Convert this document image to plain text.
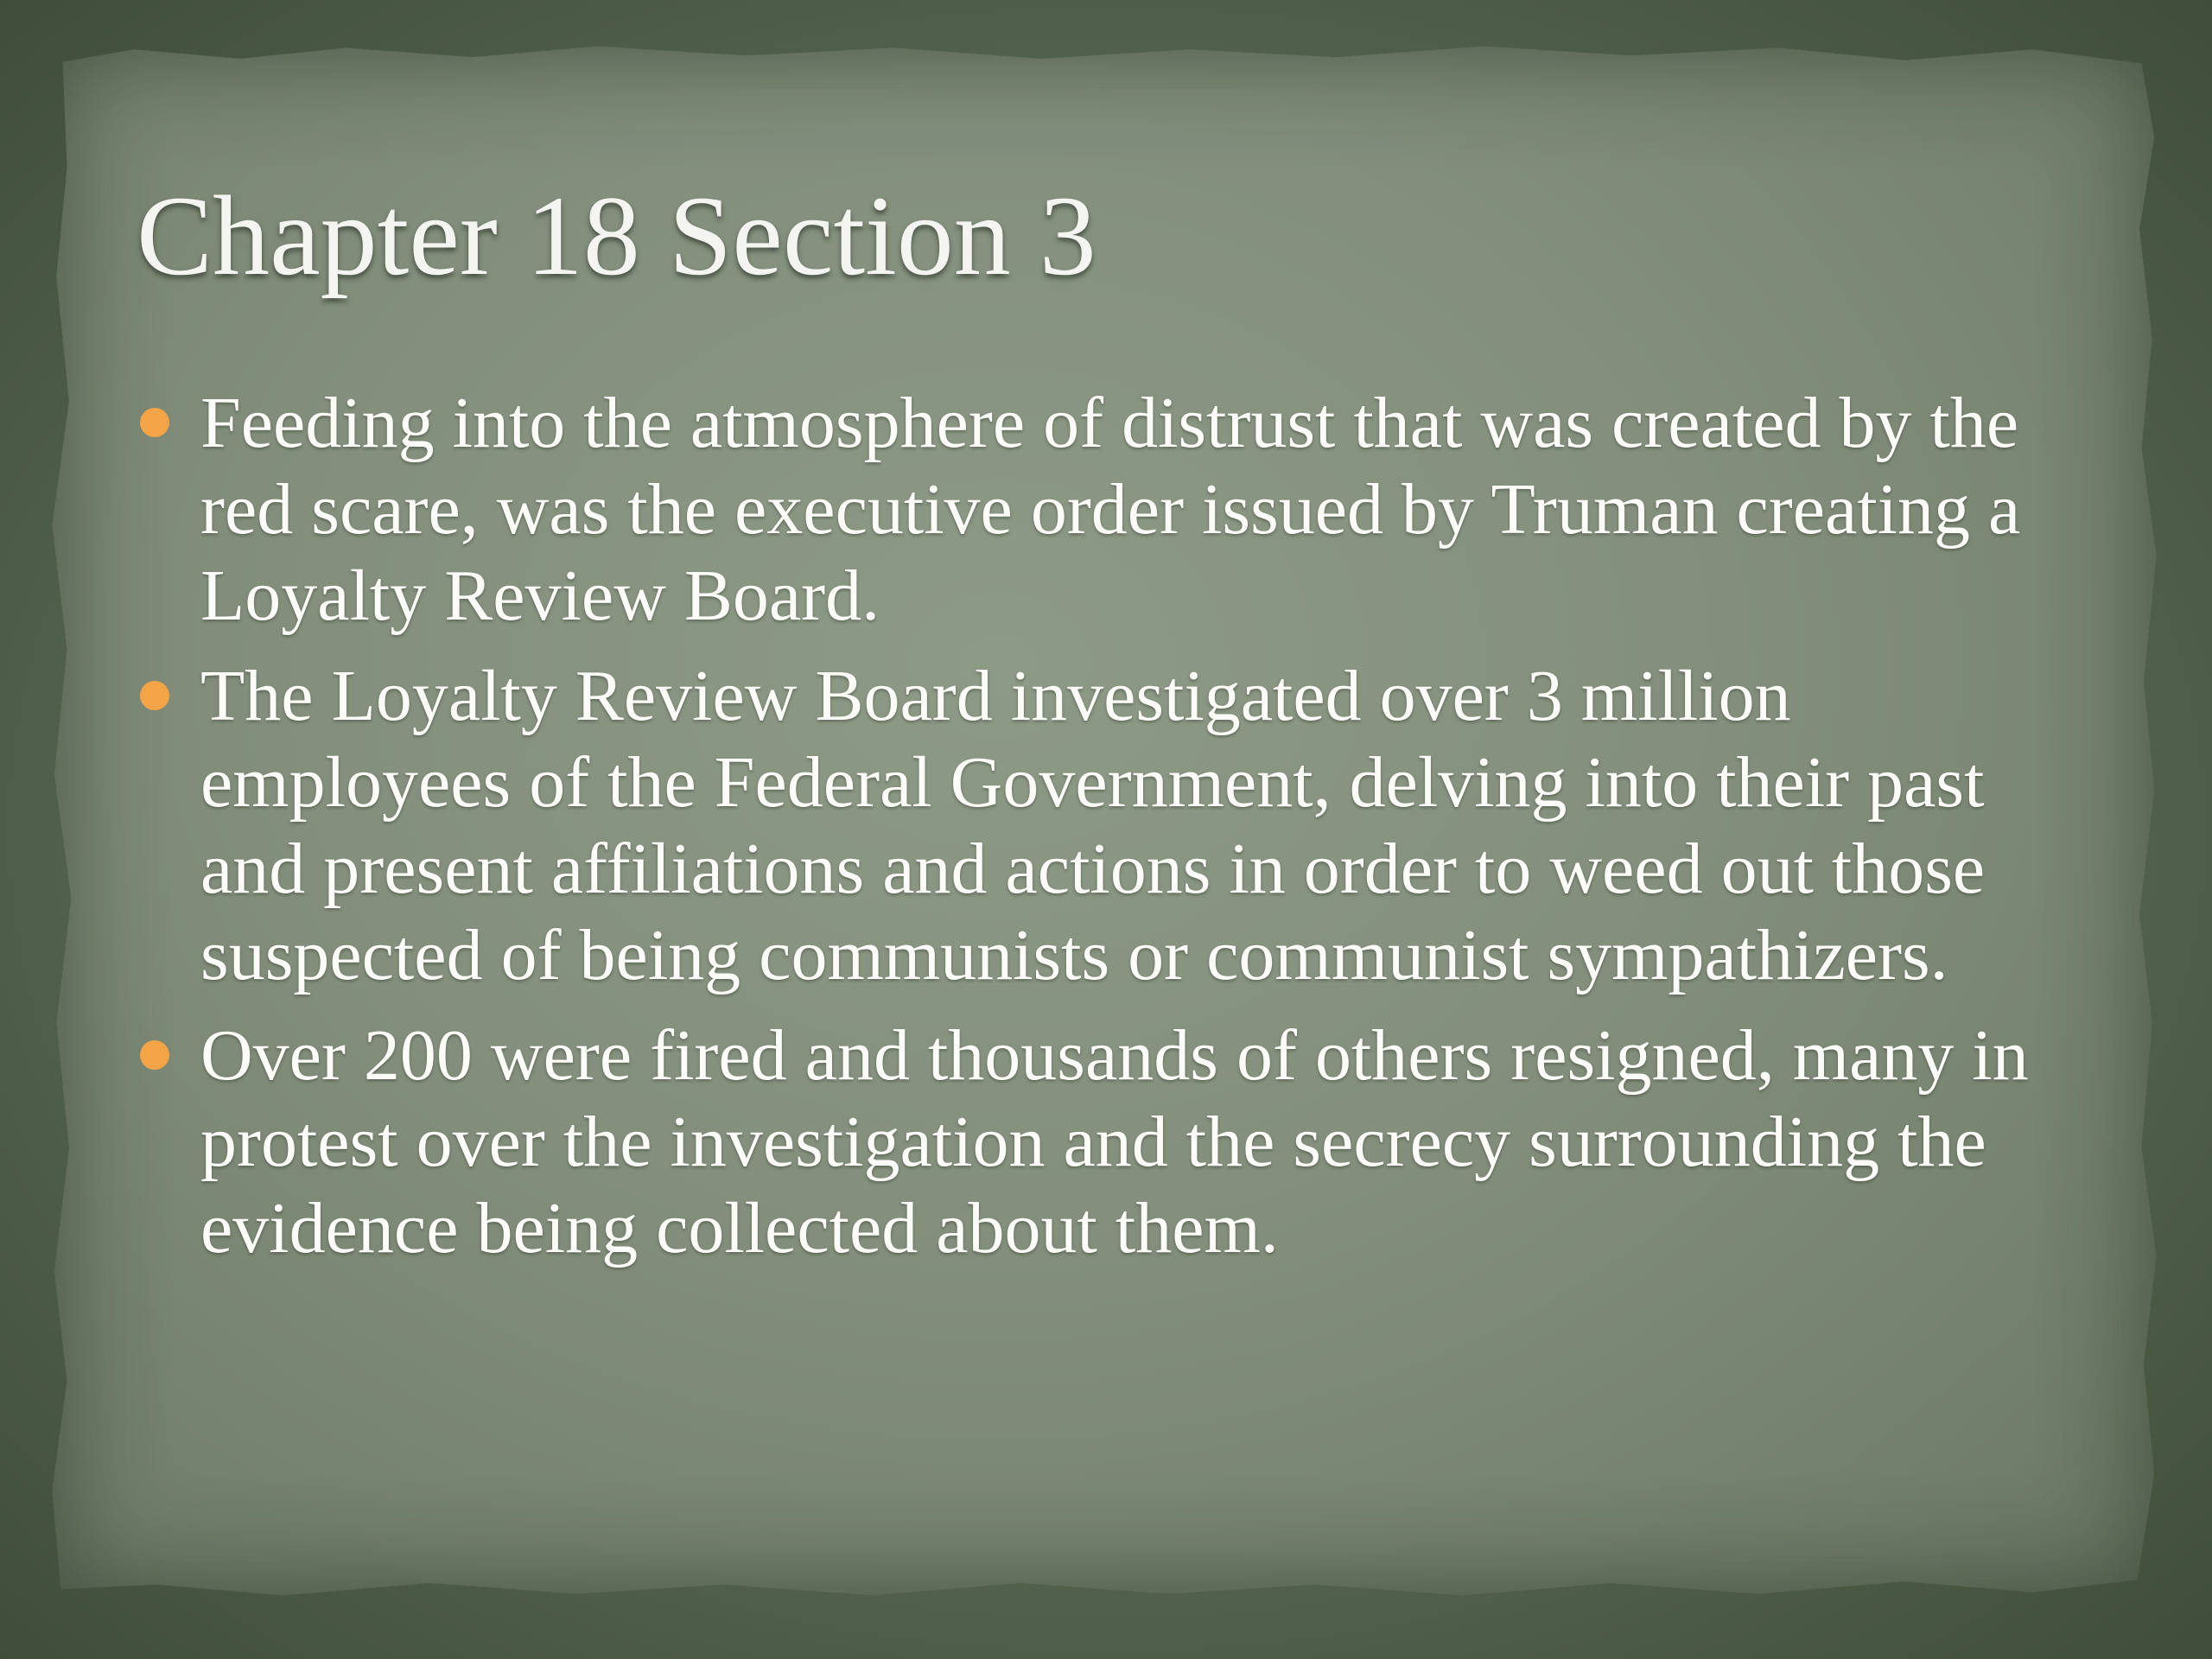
Chapter 18 Section 3
Feeding into the atmosphere of distrust that was created by the red scare, was the executive order issued by Truman creating a Loyalty Review Board.
The Loyalty Review Board investigated over 3 million employees of the Federal Government, delving into their past and present affiliations and actions in order to weed out those suspected of being communists or communist sympathizers.
Over 200 were fired and thousands of others resigned, many in protest over the investigation and the secrecy surrounding the evidence being collected about them.
